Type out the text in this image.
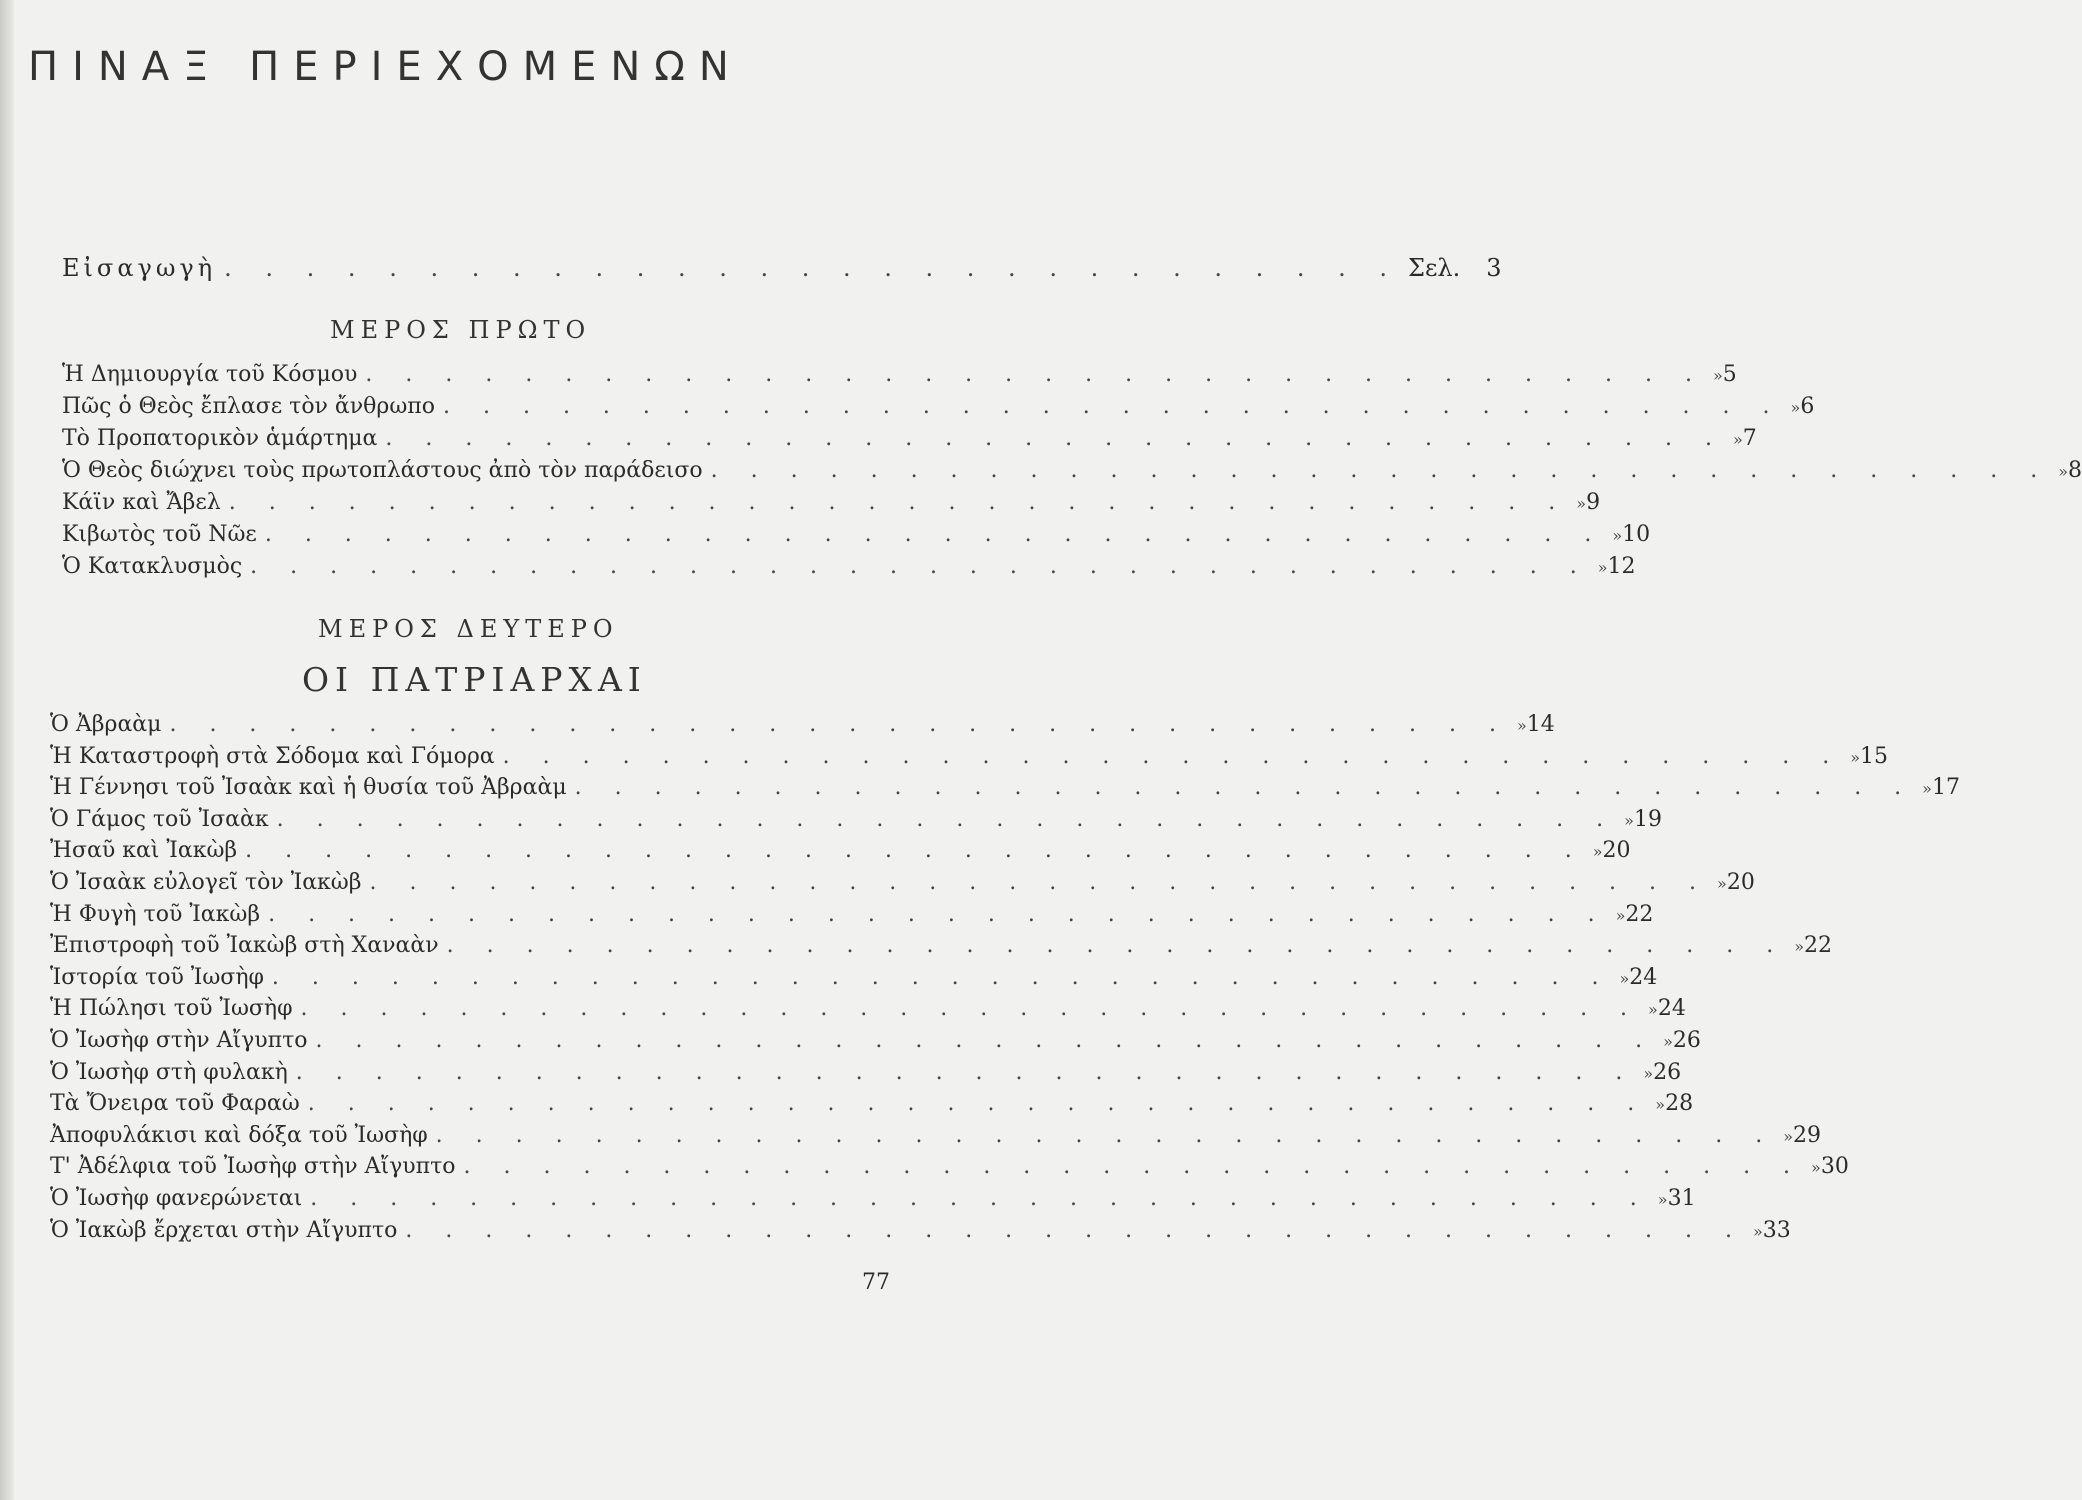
ΠΙΝΑΞ ΠΕΡΙΕΧΟΜΕΝΩΝ
Εἰσαγωγὴ . . . . . . . . . . . . . . . . . . . . . . . . . . . . . Σελ. 3
ΜΕΡΟΣ ΠΡΩΤΟ
Ἡ Δημιουργία τοῦ Κόσμου . . . . . . . . . . . . . . . . . . . . . . . . . . . . . . . . . . » 5
Πῶς ὁ Θεὸς ἔπλασε τὸν ἄνθρωπο . . . . . . . . . . . . . . . . . . . . . . . . . . . . . . . . . . » 6
Τὸ Προπατορικὸν ἁμάρτημα . . . . . . . . . . . . . . . . . . . . . . . . . . . . . . . . . . » 7
Ὁ Θεὸς διώχνει τοὺς πρωτοπλάστους ἀπὸ τὸν παράδεισο . . . . . . . . . . . . . . . . . . . . . . . . . . . . . . . . . . » 8
Κάϊν καὶ Ἄβελ . . . . . . . . . . . . . . . . . . . . . . . . . . . . . . . . . . » 9
Κιβωτὸς τοῦ Νῶε . . . . . . . . . . . . . . . . . . . . . . . . . . . . . . . . . . » 10
Ὁ Κατακλυσμὸς . . . . . . . . . . . . . . . . . . . . . . . . . . . . . . . . . . » 12
ΜΕΡΟΣ ΔΕΥΤΕΡΟ
ΟΙ ΠΑΤΡΙΑΡΧΑΙ
Ὁ Ἀβραὰμ . . . . . . . . . . . . . . . . . . . . . . . . . . . . . . . . . . » 14
Ἡ Καταστροφὴ στὰ Σόδομα καὶ Γόμορα . . . . . . . . . . . . . . . . . . . . . . . . . . . . . . . . . . » 15
Ἡ Γέννησι τοῦ Ἰσαὰκ καὶ ἡ θυσία τοῦ Ἀβραὰμ . . . . . . . . . . . . . . . . . . . . . . . . . . . . . . . . . . » 17
Ὁ Γάμος τοῦ Ἰσαὰκ . . . . . . . . . . . . . . . . . . . . . . . . . . . . . . . . . . » 19
Ἠσαῦ καὶ Ἰακὼβ . . . . . . . . . . . . . . . . . . . . . . . . . . . . . . . . . . » 20
Ὁ Ἰσαὰκ εὐλογεῖ τὸν Ἰακὼβ . . . . . . . . . . . . . . . . . . . . . . . . . . . . . . . . . . » 20
Ἡ Φυγὴ τοῦ Ἰακὼβ . . . . . . . . . . . . . . . . . . . . . . . . . . . . . . . . . . » 22
Ἐπιστροφὴ τοῦ Ἰακὼβ στὴ Χαναὰν . . . . . . . . . . . . . . . . . . . . . . . . . . . . . . . . . . » 22
Ἱστορία τοῦ Ἰωσὴφ . . . . . . . . . . . . . . . . . . . . . . . . . . . . . . . . . . » 24
Ἡ Πώλησι τοῦ Ἰωσὴφ . . . . . . . . . . . . . . . . . . . . . . . . . . . . . . . . . . » 24
Ὁ Ἰωσὴφ στὴν Αἴγυπτο . . . . . . . . . . . . . . . . . . . . . . . . . . . . . . . . . . » 26
Ὁ Ἰωσὴφ στὴ φυλακὴ . . . . . . . . . . . . . . . . . . . . . . . . . . . . . . . . . . » 26
Τὰ Ὄνειρα τοῦ Φαραὼ . . . . . . . . . . . . . . . . . . . . . . . . . . . . . . . . . . » 28
Ἀποφυλάκισι καὶ δόξα τοῦ Ἰωσὴφ . . . . . . . . . . . . . . . . . . . . . . . . . . . . . . . . . . » 29
Τ' Ἀδέλφια τοῦ Ἰωσὴφ στὴν Αἴγυπτο . . . . . . . . . . . . . . . . . . . . . . . . . . . . . . . . . . » 30
Ὁ Ἰωσὴφ φανερώνεται . . . . . . . . . . . . . . . . . . . . . . . . . . . . . . . . . . » 31
Ὁ Ἰακὼβ ἔρχεται στὴν Αἴγυπτο . . . . . . . . . . . . . . . . . . . . . . . . . . . . . . . . . . » 33
77
